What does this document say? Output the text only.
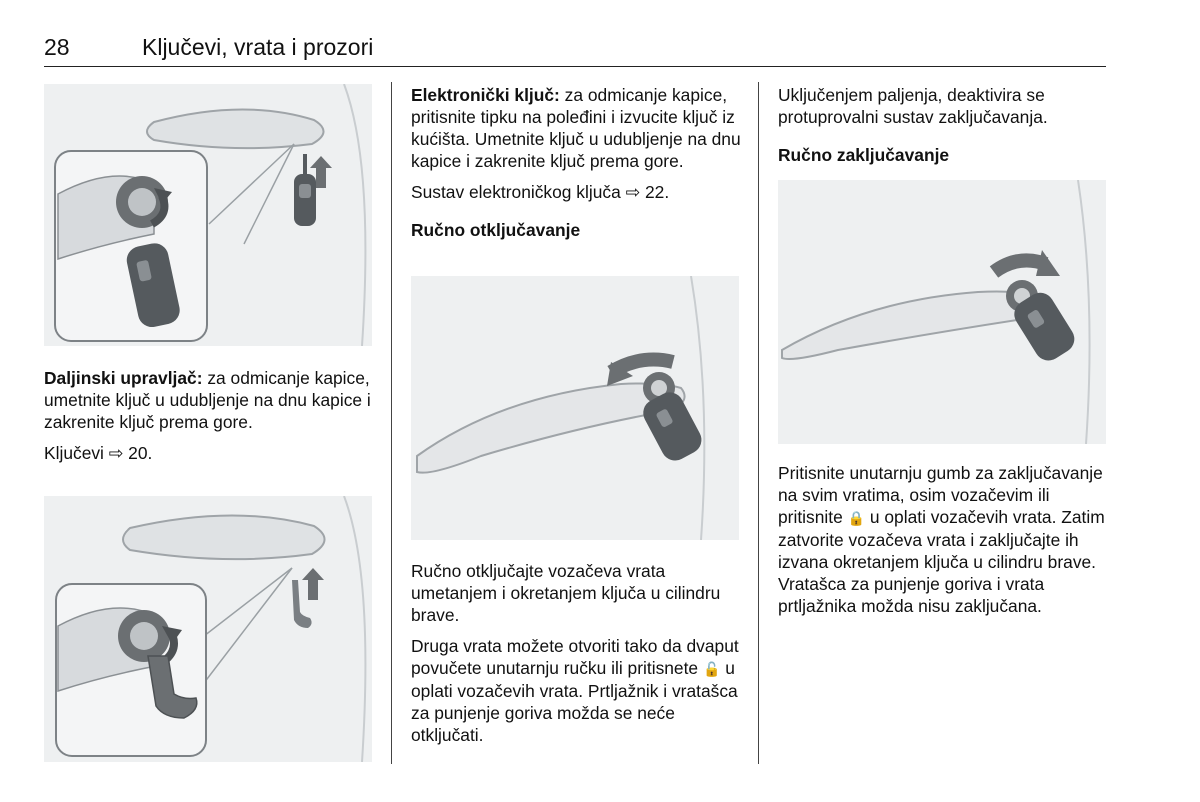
28	Ključevi, vrata i prozori

Daljinski upravljač: za odmicanje kapice, umetnite ključ u udubljenje na dnu kapice i zakrenite ključ prema gore.

Ključevi ⇨ 20.

Elektronički ključ: za odmicanje kapice, pritisnite tipku na poleđini i izvucite ključ iz kućišta. Umetnite ključ u udubljenje na dnu kapice i zakrenite ključ prema gore.

Sustav elektroničkog ključa ⇨ 22.

Ručno otključavanje

Ručno otključajte vozačeva vrata umetanjem i okretanjem ključa u cilindru brave.

Druga vrata možete otvoriti tako da dvaput povučete unutarnju ručku ili pritisnete 🔓 u oplati vozačevih vrata. Prtljažnik i vratašca za punjenje goriva možda se neće otključati.

Uključenjem paljenja, deaktivira se protuprovalni sustav zaključavanja.

Ručno zaključavanje

Pritisnite unutarnju gumb za zaključavanje na svim vratima, osim vozačevim ili pritisnite 🔒 u oplati vozačevih vrata. Zatim zatvorite vozačeva vrata i zaključajte ih izvana okretanjem ključa u cilindru brave. Vratašca za punjenje goriva i vrata prtljažnika možda nisu zaključana.
